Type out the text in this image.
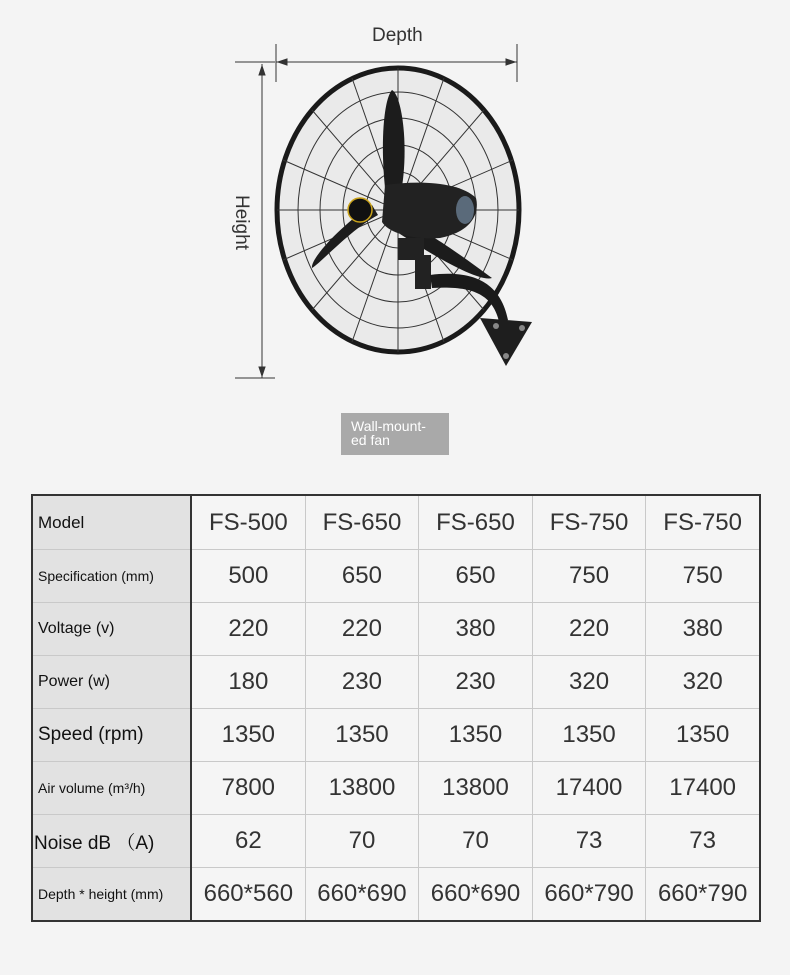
Depth
Height
Wall-mount-
ed fan
Model	FS-500	FS-650	FS-650	FS-750	FS-750
Specification (mm)	500	650	650	750	750
Voltage (v)	220	220	380	220	380
Power (w)	180	230	230	320	320
Speed (rpm)	1350	1350	1350	1350	1350
Air volume (m³/h)	7800	13800	13800	17400	17400
Noise dB （A)	62	70	70	73	73
Depth * height (mm)	660*560	660*690	660*690	660*790	660*790
